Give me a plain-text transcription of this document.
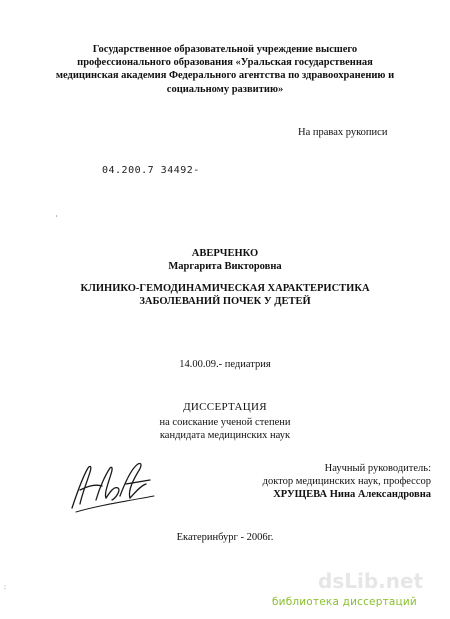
Государственное образовательной учреждение высшего
профессионального образования «Уральская государственная
медицинская академия Федерального агентства по здравоохранению и
социальному развитию»
На правах рукописи
04.200.7 34492-
·
АВЕРЧЕНКО
Маргарита Викторовна
КЛИНИКО-ГЕМОДИНАМИЧЕСКАЯ ХАРАКТЕРИСТИКА
ЗАБОЛЕВАНИЙ ПОЧЕК У ДЕТЕЙ
14.00.09.- педиатрия
ДИССЕРТАЦИЯ
на соискание ученой степени
кандидата медицинских наук
Научный руководитель:
доктор медицинских наук, профессор
ХРУЩЕВА Нина Александровна
Екатеринбург - 2006г.
:	dsLib.net
библиотека диссертаций
